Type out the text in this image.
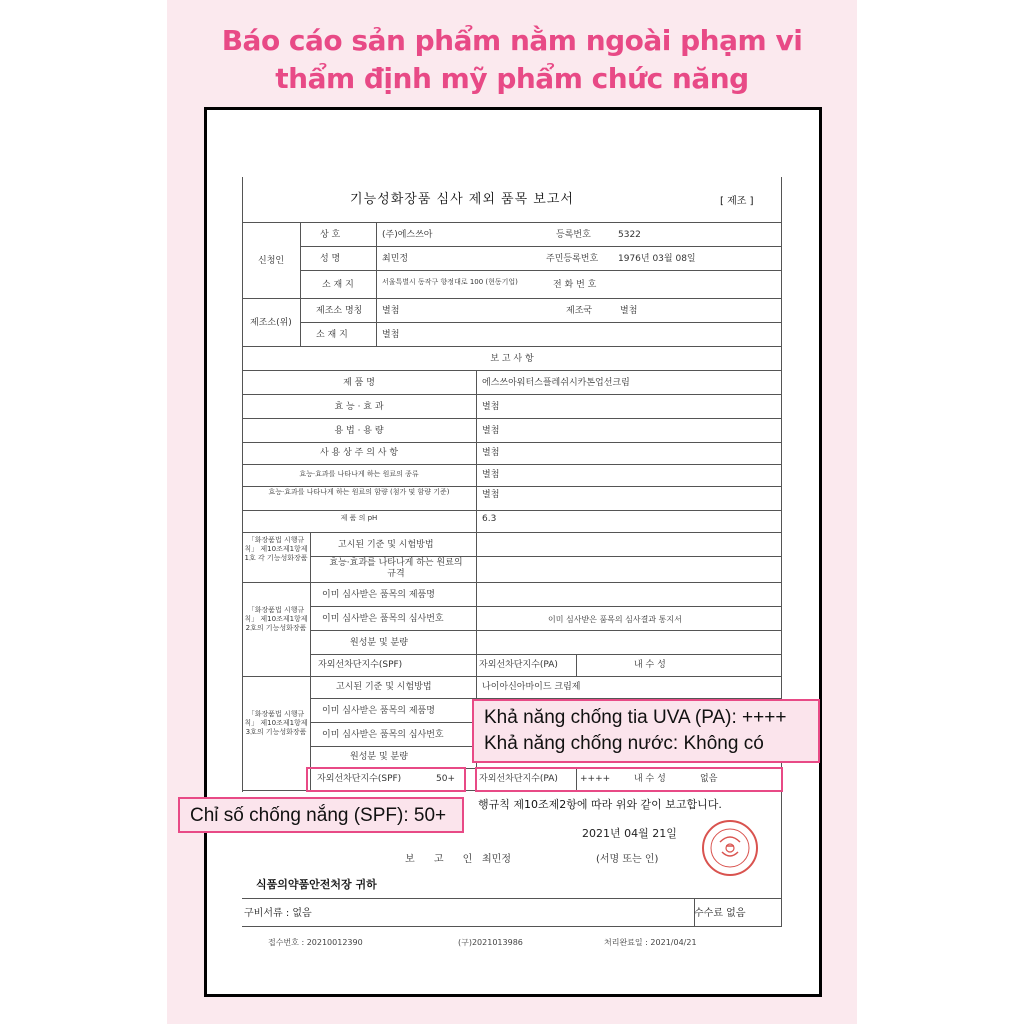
Báo cáo sản phẩm nằm ngoài phạm vi
thẩm định mỹ phẩm chức năng
기능성화장품 심사 제외 품목 보고서	[ 제조 ]
신청인
상 호	(주)에스쓰아	등록번호	5322
성 명	최민정	주민등록번호 1976년 03월 08일
소 재 지	서울특별시 동작구 향정대로 100 (현동기업)	전 화 번 호
제조소(위)
제조소 명칭 별첨	제조국	별첨
소 재 지	별첨
보 고 사 항
제 품 명	에스쓰아워터스플레쉬시카톤업선크림
효 능 · 효 과	별첨
용 법 · 용 량	별첨
사 용 상 주 의 사 항	별첨
효능·효과를 나타나게 하는 원료의 종류	별첨
효능·효과를 나타나게 하는 원료의 함량 (첨가 및 함량 기준)	별첨
제 품 의 pH	6.3
「화장품법 시행규칙」 제10조제1항제1호 각 기능성화장품
고시된 기준 및 시험방법
효능·효과를 나타나게 하는 원료의 규격
「화장품법 시행규칙」 제10조제1항제2호의 기능성화장품
이미 심사받은 품목의 제품명
이미 심사받은 품목의 심사번호	이미 심사받은 품목의 심사결과 통지서
원성분 및 분량
자외선차단지수(SPF)	자외선차단지수(PA)	내 수 성
고시된 기준 및 시험방법	나이아신아마이드 크림제
「화장품법 시행규칙」 제10조제1항제3호의 기능성화장품
이미 심사받은 품목의 제품명
이미 심사받은 품목의 심사번호
원성분 및 분량
자외선차단지수(SPF)	50+	자외선차단지수(PA) ++++	내 수 성	없음
행규칙 제10조제2항에 따라 위와 같이 보고합니다.
2021년 04월 21일
보 고 인 최민정	(서명 또는 인)
식품의약품안전처장 귀하
구비서류 : 없음	수수료 없음
접수번호 : 20210012390	(구)2021013986	처리완료일 : 2021/04/21
Khả năng chống tia UVA (PA): ++++
Khả năng chống nước: Không có
Chỉ số chống nắng (SPF): 50+
